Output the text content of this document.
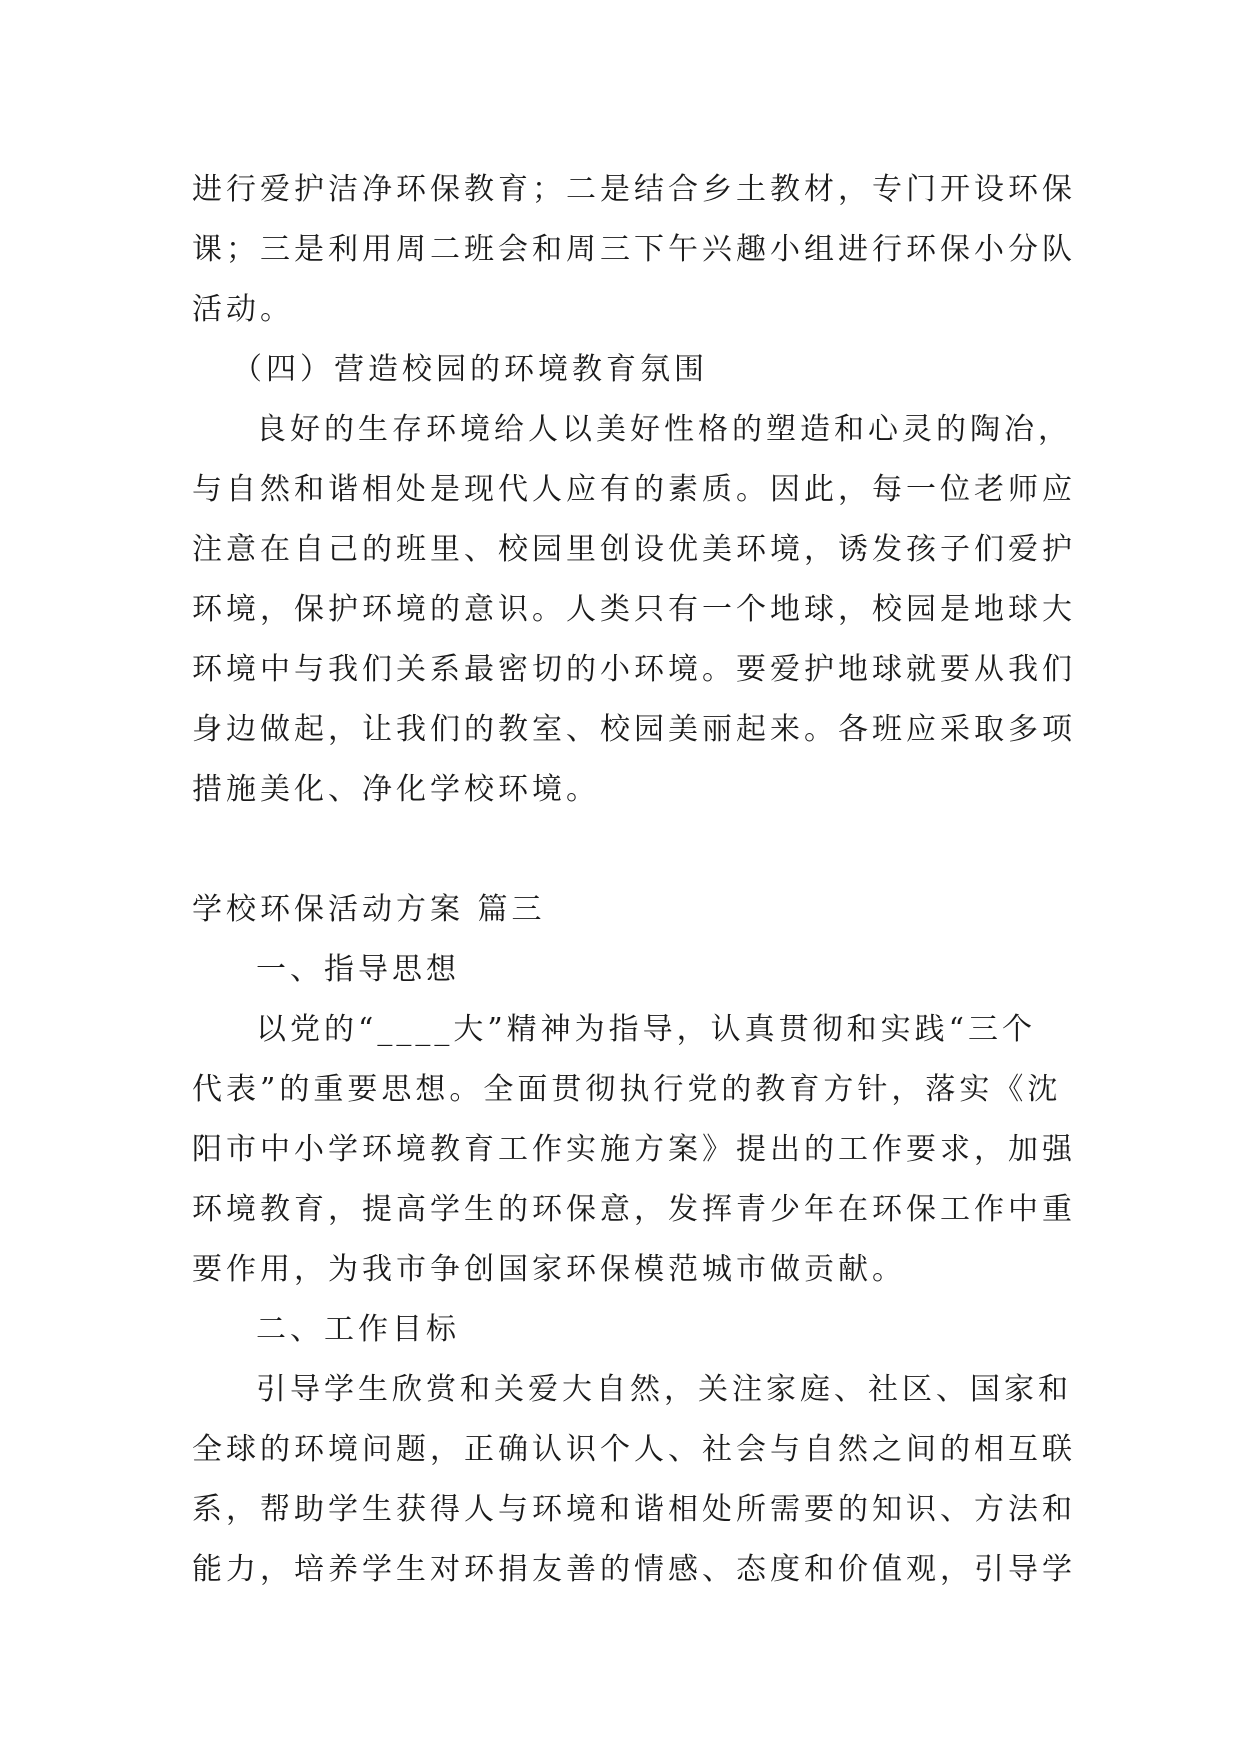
进行爱护洁净环保教育；二是结合乡土教材，专门开设环保
课；三是利用周二班会和周三下午兴趣小组进行环保小分队
活动。
（四）营造校园的环境教育氛围
良好的生存环境给人以美好性格的塑造和心灵的陶冶，
与自然和谐相处是现代人应有的素质。因此，每一位老师应
注意在自己的班里、校园里创设优美环境，诱发孩子们爱护
环境，保护环境的意识。人类只有一个地球，校园是地球大
环境中与我们关系最密切的小环境。要爱护地球就要从我们
身边做起，让我们的教室、校园美丽起来。各班应采取多项
措施美化、净化学校环境。
学校环保活动方案 篇三
一、指导思想
以党的“____大”精神为指导，认真贯彻和实践“三个
代表”的重要思想。全面贯彻执行党的教育方针，落实《沈
阳市中小学环境教育工作实施方案》提出的工作要求，加强
环境教育，提高学生的环保意，发挥青少年在环保工作中重
要作用，为我市争创国家环保模范城市做贡献。
二、工作目标
引导学生欣赏和关爱大自然，关注家庭、社区、国家和
全球的环境问题，正确认识个人、社会与自然之间的相互联
系，帮助学生获得人与环境和谐相处所需要的知识、方法和
能力，培养学生对环捐友善的情感、态度和价值观，引导学
